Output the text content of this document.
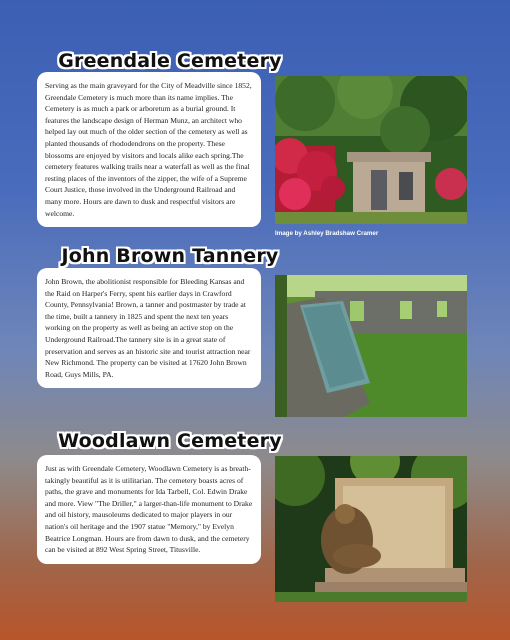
Greendale Cemetery
Serving as the main graveyard for the City of Meadville since 1852, Greendale Cemetery is much more than its name implies. The Cemetery is as much a park or arboretum as a burial ground. It features the landscape design of Herman Munz, an architect who helped lay out much of the older section of the cemetery as well as planted thousands of rhododendrons on the property. These blossoms are enjoyed by visitors and locals alike each spring.The cemetery features walking trails near a waterfall as well as the final resting places of the inventors of the zipper, the wife of a Supreme Court Justice, those involved in the Underground Railroad and many more. Hours are dawn to dusk and respectful visitors are welcome.
Image by Ashley Bradshaw Cramer
John Brown Tannery
John Brown, the abolitionist responsible for Bleeding Kansas and the Raid on Harper's Ferry, spent his earlier days in Crawford County, Pennsylvania! Brown, a tanner and postmaster by trade at the time, built a tannery in 1825 and spent the next ten years working on the property as well as being an active stop on the Underground Railroad.The tannery site is in a great state of preservation and serves as an historic site and tourist attraction near New Richmond. The property can be visited at 17620 John Brown Road, Guys Mills, PA.
Woodlawn Cemetery
Just as with Greendale Cemetery, Woodlawn Cemetery is as breath-takingly beautiful as it is utilitarian. The cemetery boasts acres of paths, the grave and monuments for Ida Tarbell, Col. Edwin Drake and more. View "The Driller," a larger-than-life monument to Drake and oil history, mausoleums dedicated to major players in our nation's oil heritage and the 1907 statue "Memory," by Evelyn Beatrice Longman. Hours are from dawn to dusk, and the cemetery can be visited at 892 West Spring Street, Titusville.
